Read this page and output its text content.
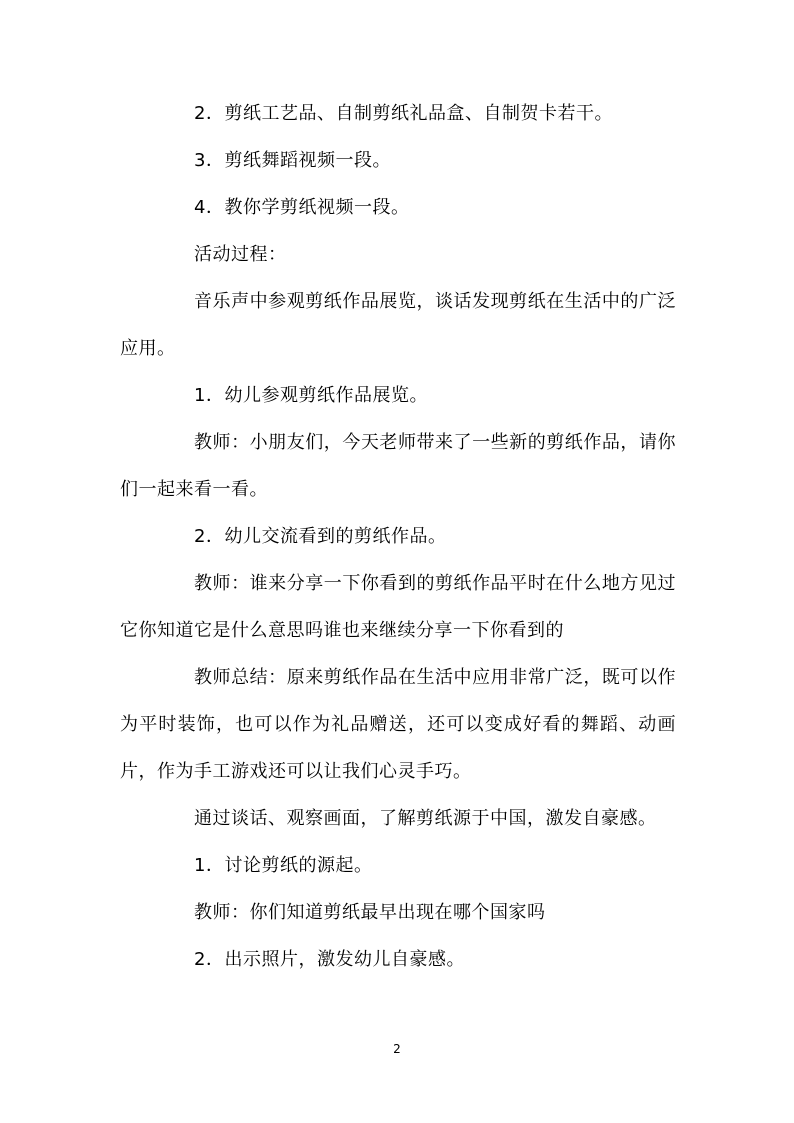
2．剪纸工艺品、自制剪纸礼品盒、自制贺卡若干。

3．剪纸舞蹈视频一段。

4．教你学剪纸视频一段。

活动过程：

音乐声中参观剪纸作品展览，谈话发现剪纸在生活中的广泛应用。

1．幼儿参观剪纸作品展览。

教师：小朋友们，今天老师带来了一些新的剪纸作品，请你们一起来看一看。

2．幼儿交流看到的剪纸作品。

教师：谁来分享一下你看到的剪纸作品平时在什么地方见过它你知道它是什么意思吗谁也来继续分享一下你看到的

教师总结：原来剪纸作品在生活中应用非常广泛，既可以作为平时装饰，也可以作为礼品赠送，还可以变成好看的舞蹈、动画片，作为手工游戏还可以让我们心灵手巧。

通过谈话、观察画面，了解剪纸源于中国，激发自豪感。

1．讨论剪纸的源起。

教师：你们知道剪纸最早出现在哪个国家吗

2．出示照片，激发幼儿自豪感。

2
